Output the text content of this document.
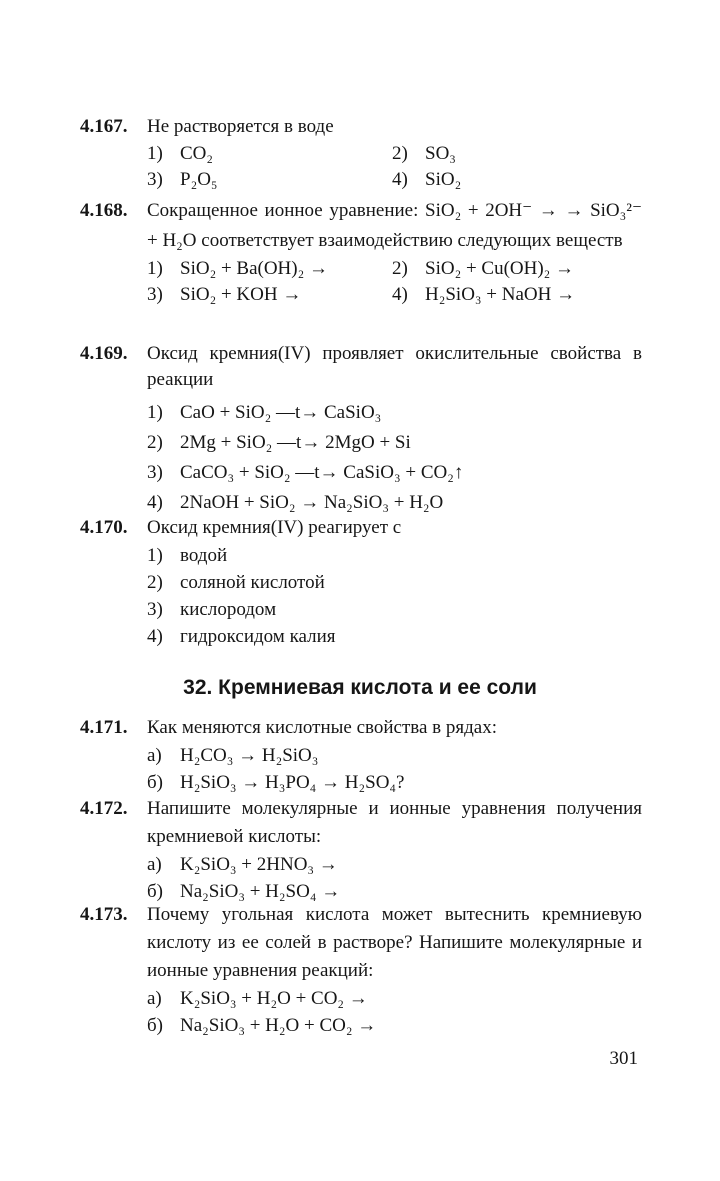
4.167. Не растворяется в воде
1) CO₂	2) SO₃
3) P₂O₅	4) SiO₂
4.168. Сокращенное ионное уравнение: SiO₂ + 2OH⁻ → → SiO₃²⁻ + H₂O соответствует взаимодействию следующих веществ
1) SiO₂ + Ba(OH)₂ →	2) SiO₂ + Cu(OH)₂ →
3) SiO₂ + KOH →	4) H₂SiO₃ + NaOH →
4.169. Оксид кремния(IV) проявляет окислительные свойства в реакции
1) CaO + SiO₂ —t→ CaSiO₃
2) 2Mg + SiO₂ —t→ 2MgO + Si
3) CaCO₃ + SiO₂ —t→ CaSiO₃ + CO₂↑
4) 2NaOH + SiO₂ → Na₂SiO₃ + H₂O
4.170. Оксид кремния(IV) реагирует с
1) водой
2) соляной кислотой
3) кислородом
4) гидроксидом калия
32. Кремниевая кислота и ее соли
4.171. Как меняются кислотные свойства в рядах:
а) H₂CO₃ → H₂SiO₃
б) H₂SiO₃ → H₃PO₄ → H₂SO₄?
4.172. Напишите молекулярные и ионные уравнения получения кремниевой кислоты:
а) K₂SiO₃ + 2HNO₃ →
б) Na₂SiO₃ + H₂SO₄ →
4.173. Почему угольная кислота может вытеснить кремниевую кислоту из ее солей в растворе? Напишите молекулярные и ионные уравнения реакций:
а) K₂SiO₃ + H₂O + CO₂ →
б) Na₂SiO₃ + H₂O + CO₂ →
301
